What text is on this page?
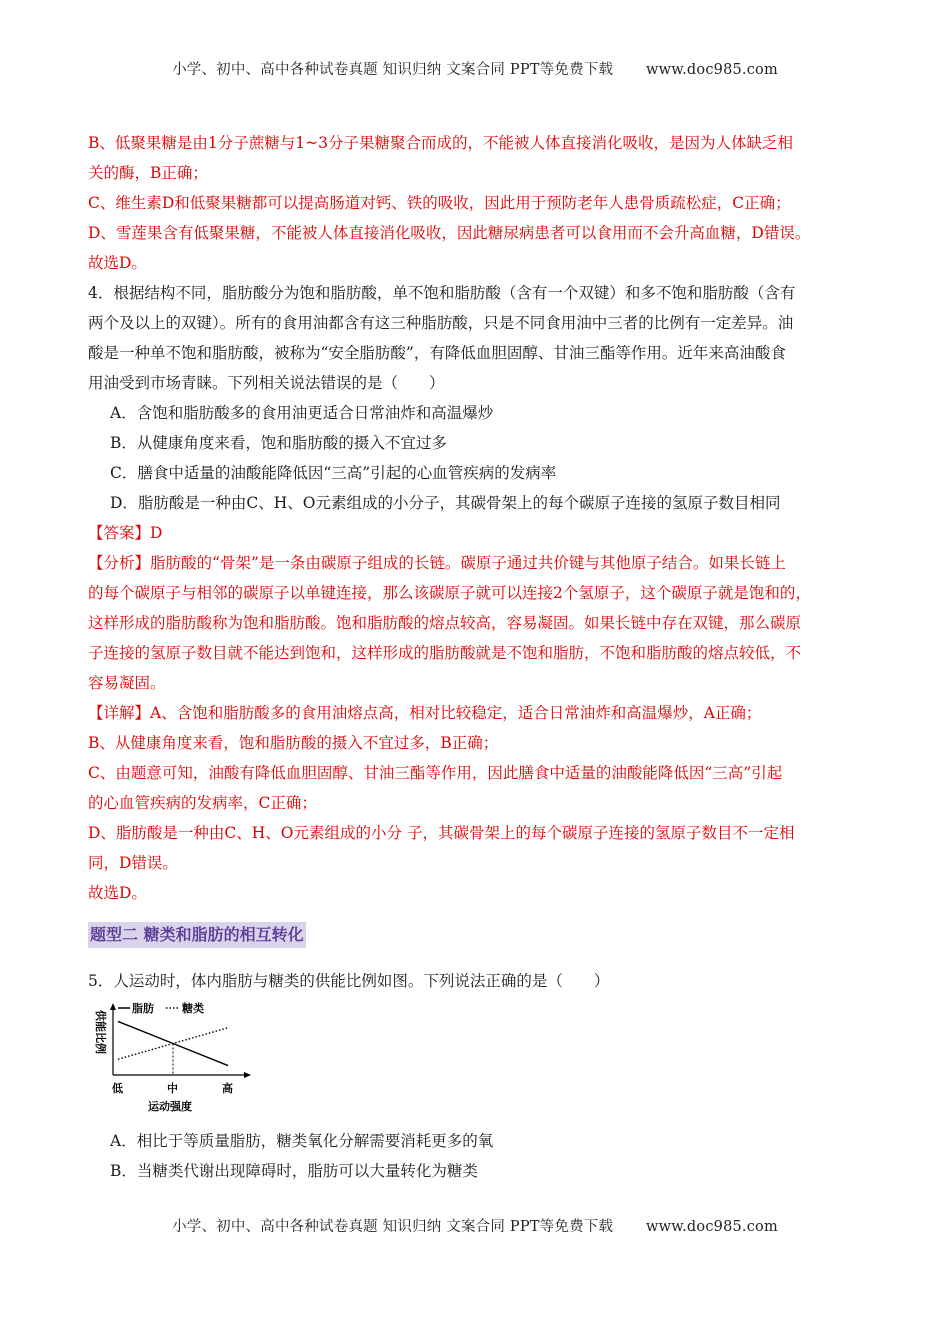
小学、初中、高中各种试卷真题 知识归纳 文案合同 PPT等免费下载 www.doc985.com
B、低聚果糖是由1分子蔗糖与1~3分子果糖聚合而成的，不能被人体直接消化吸收，是因为人体缺乏相
关的酶，B正确；
C、维生素D和低聚果糖都可以提高肠道对钙、铁的吸收，因此用于预防老年人患骨质疏松症，C正确；
D、雪莲果含有低聚果糖，不能被人体直接消化吸收，因此糖尿病患者可以食用而不会升高血糖，D错误。
故选D。
4．根据结构不同，脂肪酸分为饱和脂肪酸，单不饱和脂肪酸（含有一个双键）和多不饱和脂肪酸（含有
两个及以上的双键）。所有的食用油都含有这三种脂肪酸，只是不同食用油中三者的比例有一定差异。油
酸是一种单不饱和脂肪酸，被称为“安全脂肪酸”，有降低血胆固醇、甘油三酯等作用。近年来高油酸食
用油受到市场青睐。下列相关说法错误的是（　　）
A．含饱和脂肪酸多的食用油更适合日常油炸和高温爆炒
B．从健康角度来看，饱和脂肪酸的摄入不宜过多
C．膳食中适量的油酸能降低因“三高”引起的心血管疾病的发病率
D．脂肪酸是一种由C、H、O元素组成的小分子，其碳骨架上的每个碳原子连接的氢原子数目相同
【答案】D
【分析】脂肪酸的“骨架”是一条由碳原子组成的长链。碳原子通过共价键与其他原子结合。如果长链上
的每个碳原子与相邻的碳原子以单键连接，那么该碳原子就可以连接2个氢原子，这个碳原子就是饱和的，
这样形成的脂肪酸称为饱和脂肪酸。饱和脂肪酸的熔点较高，容易凝固。如果长链中存在双键，那么碳原
子连接的氢原子数目就不能达到饱和，这样形成的脂肪酸就是不饱和脂肪，不饱和脂肪酸的熔点较低，不
容易凝固。
【详解】A、含饱和脂肪酸多的食用油熔点高，相对比较稳定，适合日常油炸和高温爆炒，A正确；
B、从健康角度来看，饱和脂肪酸的摄入不宜过多，B正确；
C、由题意可知，油酸有降低血胆固醇、甘油三酯等作用，因此膳食中适量的油酸能降低因“三高”引起
的心血管疾病的发病率，C正确；
D、脂肪酸是一种由C、H、O元素组成的小分 子，其碳骨架上的每个碳原子连接的氢原子数目不一定相
同，D错误。
故选D。
题型二 糖类和脂肪的相互转化
5．人运动时，体内脂肪与糖类的供能比例如图。下列说法正确的是（　　）
脂肪	糖类
供能比例
运动强度
低	中	高
A．相比于等质量脂肪，糖类氧化分解需要消耗更多的氧
B．当糖类代谢出现障碍时，脂肪可以大量转化为糖类
小学、初中、高中各种试卷真题 知识归纳 文案合同 PPT等免费下载 www.doc985.com
